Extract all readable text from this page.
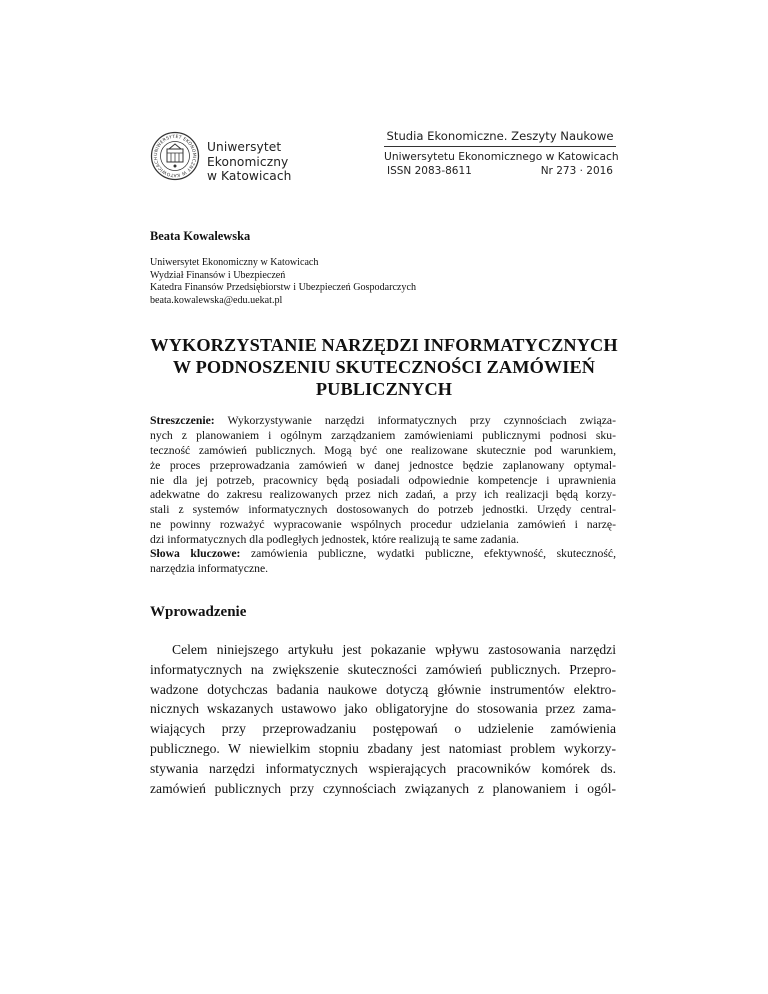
UNIWERSYTET EKONOMICZNY W KATOWICACH
Uniwersytet
Ekonomiczny
w Katowicach
Studia Ekonomiczne. Zeszyty Naukowe
Uniwersytetu Ekonomicznego w Katowicach
ISSN 2083-8611	Nr 273 · 2016
Beata Kowalewska
Uniwersytet Ekonomiczny w Katowicach
Wydział Finansów i Ubezpieczeń
Katedra Finansów Przedsiębiorstw i Ubezpieczeń Gospodarczych
beata.kowalewska@edu.uekat.pl
WYKORZYSTANIE NARZĘDZI INFORMATYCZNYCH
W PODNOSZENIU SKUTECZNOŚCI ZAMÓWIEŃ
PUBLICZNYCH
Streszczenie: Wykorzystywanie narzędzi informatycznych przy czynnościach związa-
nych z planowaniem i ogólnym zarządzaniem zamówieniami publicznymi podnosi sku-
teczność zamówień publicznych. Mogą być one realizowane skutecznie pod warunkiem,
że proces przeprowadzania zamówień w danej jednostce będzie zaplanowany optymal-
nie dla jej potrzeb, pracownicy będą posiadali odpowiednie kompetencje i uprawnienia
adekwatne do zakresu realizowanych przez nich zadań, a przy ich realizacji będą korzy-
stali z systemów informatycznych dostosowanych do potrzeb jednostki. Urzędy central-
ne powinny rozważyć wypracowanie wspólnych procedur udzielania zamówień i narzę-
dzi informatycznych dla podległych jednostek, które realizują te same zadania.
Słowa kluczowe: zamówienia publiczne, wydatki publiczne, efektywność, skuteczność,
narzędzia informatyczne.
Wprowadzenie
Celem niniejszego artykułu jest pokazanie wpływu zastosowania narzędzi
informatycznych na zwiększenie skuteczności zamówień publicznych. Przepro-
wadzone dotychczas badania naukowe dotyczą głównie instrumentów elektro-
nicznych wskazanych ustawowo jako obligatoryjne do stosowania przez zama-
wiających przy przeprowadzaniu postępowań o udzielenie zamówienia
publicznego. W niewielkim stopniu zbadany jest natomiast problem wykorzy-
stywania narzędzi informatycznych wspierających pracowników komórek ds.
zamówień publicznych przy czynnościach związanych z planowaniem i ogól-
